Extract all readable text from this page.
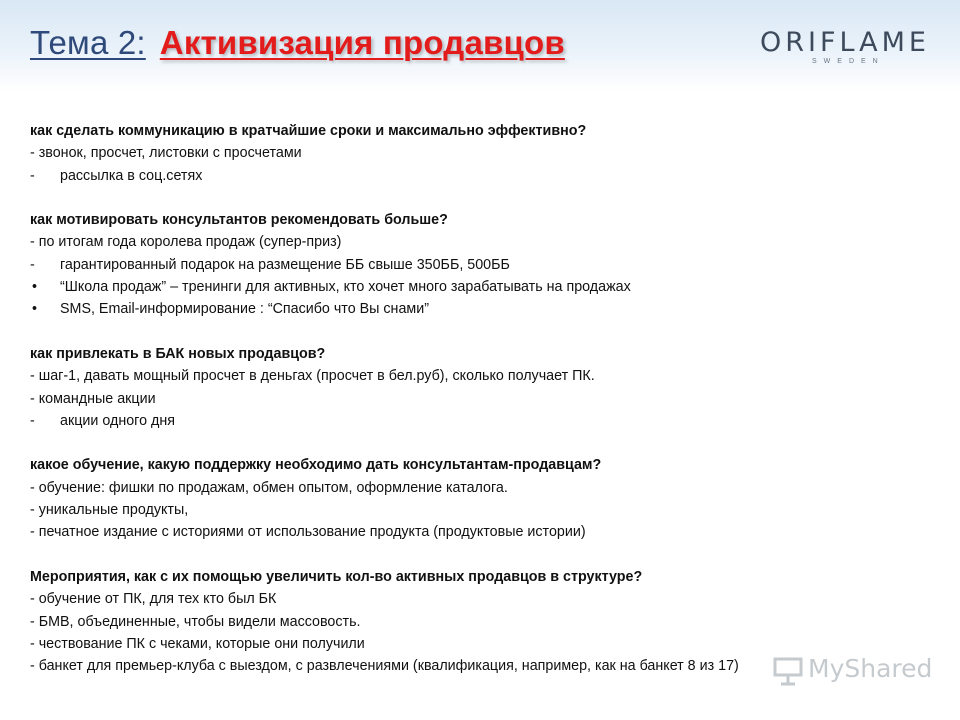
Тема 2: Активизация продавцов	ORIFLAME
SWEDEN
как сделать коммуникацию в кратчайшие сроки и максимально эффективно?
- звонок, просчет, листовки с просчетами
- рассылка в соц.сетях
как мотивировать консультантов рекомендовать больше?
- по итогам года королева продаж (супер-приз)
- гарантированный подарок на размещение ББ свыше 350ББ, 500ББ
• “Школа продаж” – тренинги для активных, кто хочет много зарабатывать на продажах
• SMS, Email-информирование : “Спасибо что Вы снами”
как привлекать в БАК новых продавцов?
- шаг-1, давать мощный просчет в деньгах (просчет в бел.руб), сколько получает ПК.
- командные акции
- акции одного дня
какое обучение, какую поддержку необходимо дать консультантам-продавцам?
- обучение: фишки по продажам, обмен опытом, оформление каталога.
- уникальные продукты,
- печатное издание с историями от использование продукта (продуктовые истории)
Мероприятия, как с их помощью увеличить кол-во активных продавцов в структуре?
- обучение от ПК, для тех кто был БК
- БМВ, объединенные, чтобы видели массовость.
- чествование ПК с чеками, которые они получили
- банкет для премьер-клуба с выездом, с развлечениями (квалификация, например, как на банкет 8 из 17)	MyShared
